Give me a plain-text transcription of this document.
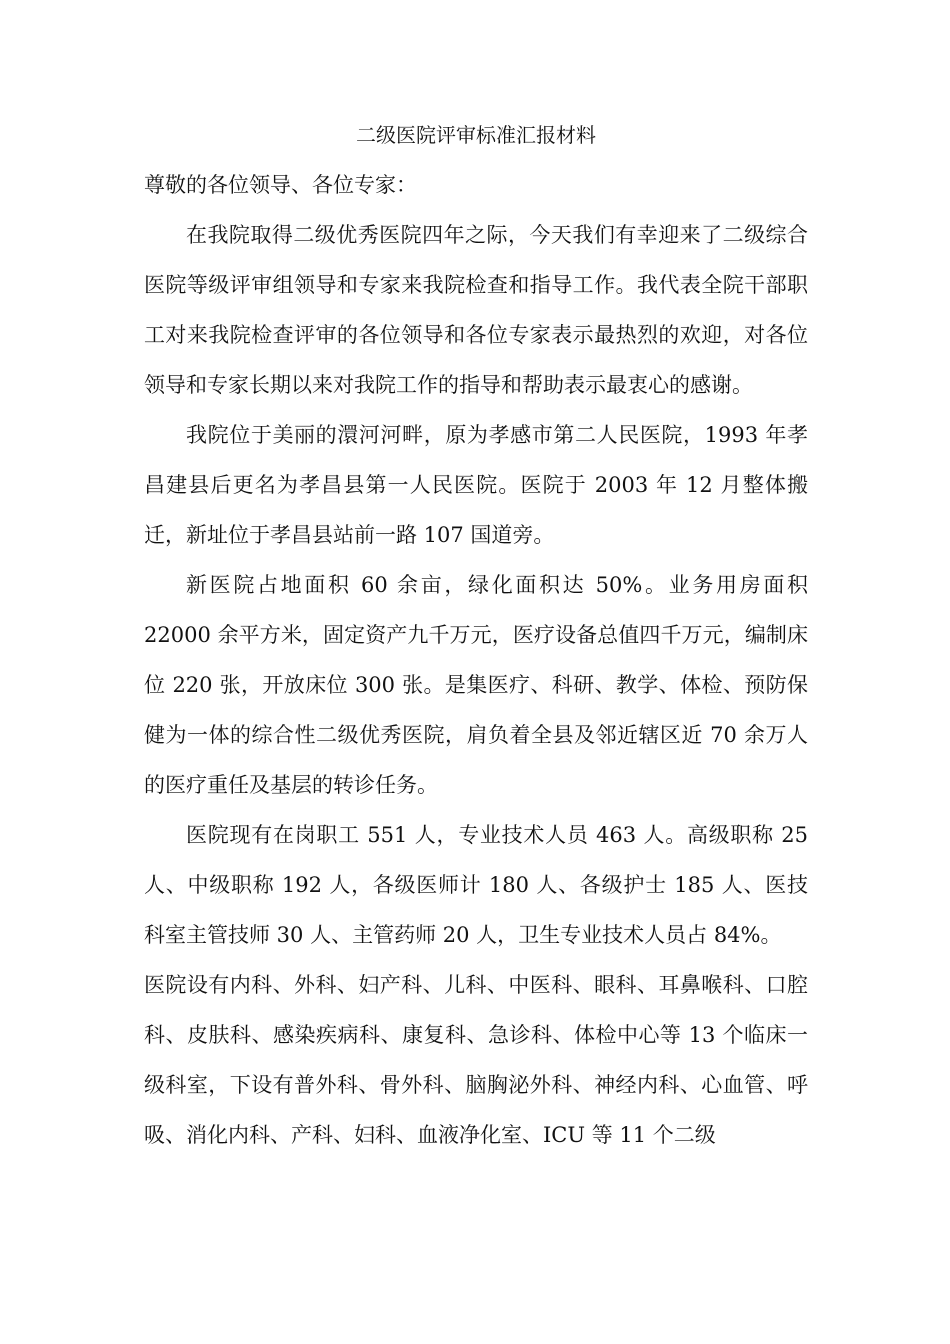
二级医院评审标准汇报材料

尊敬的各位领导、各位专家：

在我院取得二级优秀医院四年之际，今天我们有幸迎来了二级综合医院等级评审组领导和专家来我院检查和指导工作。我代表全院干部职工对来我院检查评审的各位领导和各位专家表示最热烈的欢迎，对各位领导和专家长期以来对我院工作的指导和帮助表示最衷心的感谢。

我院位于美丽的澴河河畔，原为孝感市第二人民医院，1993 年孝昌建县后更名为孝昌县第一人民医院。医院于 2003 年 12 月整体搬迁，新址位于孝昌县站前一路 107 国道旁。

新医院占地面积 60 余亩，绿化面积达 50%。业务用房面积 22000 余平方米，固定资产九千万元，医疗设备总值四千万元，编制床位 220 张，开放床位 300 张。是集医疗、科研、教学、体检、预防保健为一体的综合性二级优秀医院，肩负着全县及邻近辖区近 70 余万人的医疗重任及基层的转诊任务。

医院现有在岗职工 551 人，专业技术人员 463 人。高级职称 25 人、中级职称 192 人，各级医师计 180 人、各级护士 185 人、医技科室主管技师 30 人、主管药师 20 人，卫生专业技术人员占 84%。

医院设有内科、外科、妇产科、儿科、中医科、眼科、耳鼻喉科、口腔科、皮肤科、感染疾病科、康复科、急诊科、体检中心等 13 个临床一级科室，下设有普外科、骨外科、脑胸泌外科、神经内科、心血管、呼吸、消化内科、产科、妇科、血液净化室、ICU 等 11 个二级
